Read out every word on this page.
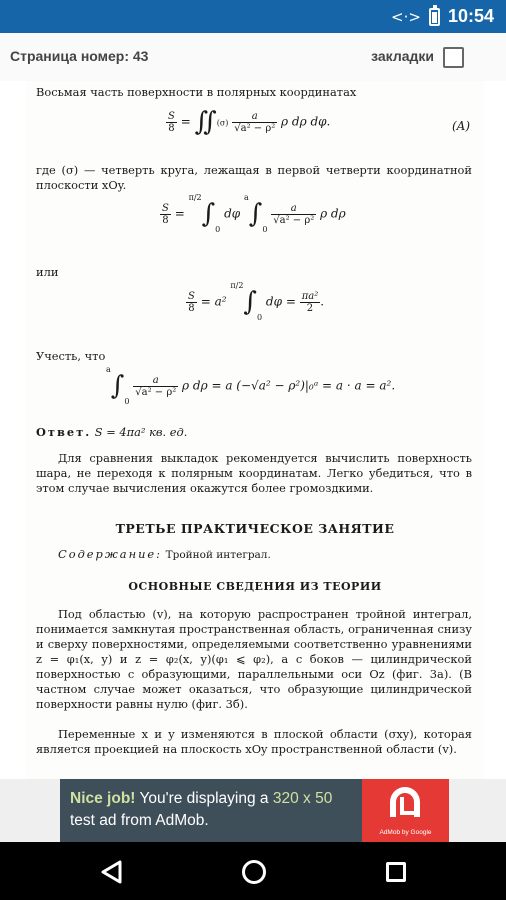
<·> 10:54
Страница номер: 43	закладки
Восьмая часть поверхности в полярных координатах
$\frac{S}{8}$ = ∬(σ) $\frac{a}{\text{√a² − ρ²}}$ ρ dρ dφ.	(A)

где (σ) — четверть круга, лежащая в первой четверти координатной плоскости xOy.

$\frac{S}{8} = ^{\pi/2}\int_0$ dφ $^a\int_0$
$\frac{a}{\text{√a² − ρ²}}$ ρ dρ
или
$\frac{S}{8} = a^2$ $^{\pi/2}\int_0$ $d\varphi = \frac{\text{πa²}}{2}$ .
Учесть, что
$^a\int_0$
$\frac{a}{\text{√a² − ρ²}}$ ρ dρ = a (−√a² − ρ²)|₀ᵃ = a · a = a².
Ответ. S = 4πa² кв. ед.

Для сравнения выкладок рекомендуется вычислить поверхность шара, не переходя к полярным координатам. Легко убедиться, что в этом случае вычисления окажутся более громоздкими.

ТРЕТЬЕ ПРАКТИЧЕСКОЕ ЗАНЯТИЕ
Содержание: Тройной интеграл.
ОСНОВНЫЕ СВЕДЕНИЯ ИЗ ТЕОРИИ

Под областью (v), на которую распространен тройной интеграл, понимается замкнутая пространственная область, ограниченная снизу и сверху поверхностями, определяемыми соответственно уравнениями z = φ₁(x, y) и z = φ₂(x, y)(φ₁ ⩽ φ₂), а с боков — цилиндрической поверхностью с образующими, параллельными оси Oz (фиг. 3а). (В частном случае может оказаться, что образующие цилиндрической поверхности равны нулю (фиг. 3б).

Переменные x и y изменяются в плоской области (σxy), которая является проекцией на плоскость xOy пространственной области (v).

Nice job! You're displaying a 320 x 50 test ad from AdMob.
AdMob by Google
